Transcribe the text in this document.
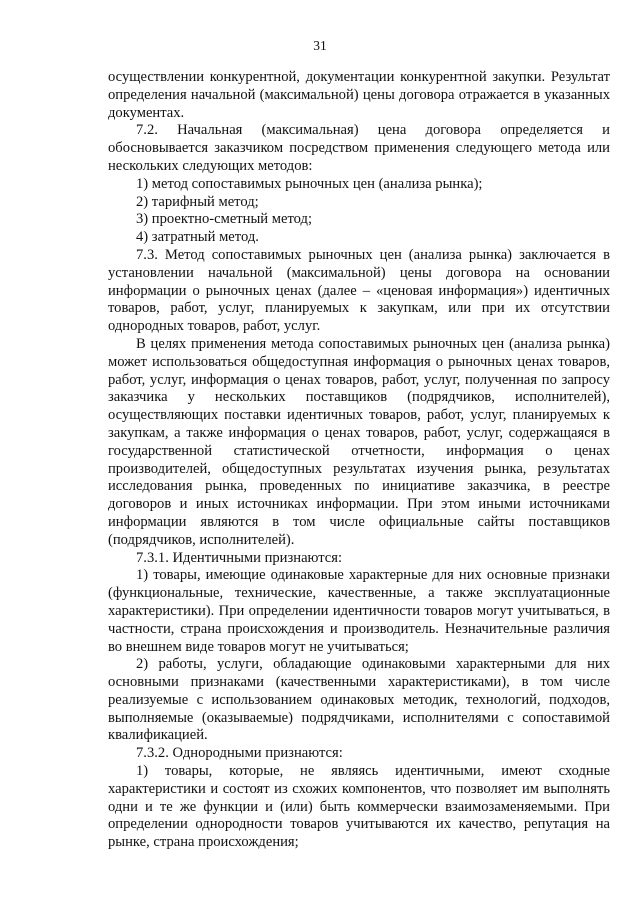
31

осуществлении конкурентной, документации конкурентной закупки. Результат определения начальной (максимальной) цены договора отражается в указанных документах.

7.2. Начальная (максимальная) цена договора определяется и обосновывается заказчиком посредством применения следующего метода или нескольких следующих методов:

1) метод сопоставимых рыночных цен (анализа рынка);

2) тарифный метод;

3) проектно-сметный метод;

4) затратный метод.

7.3. Метод сопоставимых рыночных цен (анализа рынка) заключается в установлении начальной (максимальной) цены договора на основании информации о рыночных ценах (далее – «ценовая информация») идентичных товаров, работ, услуг, планируемых к закупкам, или при их отсутствии однородных товаров, работ, услуг.

В целях применения метода сопоставимых рыночных цен (анализа рынка) может использоваться общедоступная информация о рыночных ценах товаров, работ, услуг, информация о ценах товаров, работ, услуг, полученная по запросу заказчика у нескольких поставщиков (подрядчиков, исполнителей), осуществляющих поставки идентичных товаров, работ, услуг, планируемых к закупкам, а также информация о ценах товаров, работ, услуг, содержащаяся в государственной статистической отчетности, информация о ценах производителей, общедоступных результатах изучения рынка, результатах исследования рынка, проведенных по инициативе заказчика, в реестре договоров и иных источниках информации. При этом иными источниками информации являются в том числе официальные сайты поставщиков (подрядчиков, исполнителей).

7.3.1. Идентичными признаются:

1) товары, имеющие одинаковые характерные для них основные признаки (функциональные, технические, качественные, а также эксплуатационные характеристики). При определении идентичности товаров могут учитываться, в частности, страна происхождения и производитель. Незначительные различия во внешнем виде товаров могут не учитываться;

2) работы, услуги, обладающие одинаковыми характерными для них основными признаками (качественными характеристиками), в том числе реализуемые с использованием одинаковых методик, технологий, подходов, выполняемые (оказываемые) подрядчиками, исполнителями с сопоставимой квалификацией.

7.3.2. Однородными признаются:

1) товары, которые, не являясь идентичными, имеют сходные характеристики и состоят из схожих компонентов, что позволяет им выполнять одни и те же функции и (или) быть коммерчески взаимозаменяемыми. При определении однородности товаров учитываются их качество, репутация на рынке, страна происхождения;
